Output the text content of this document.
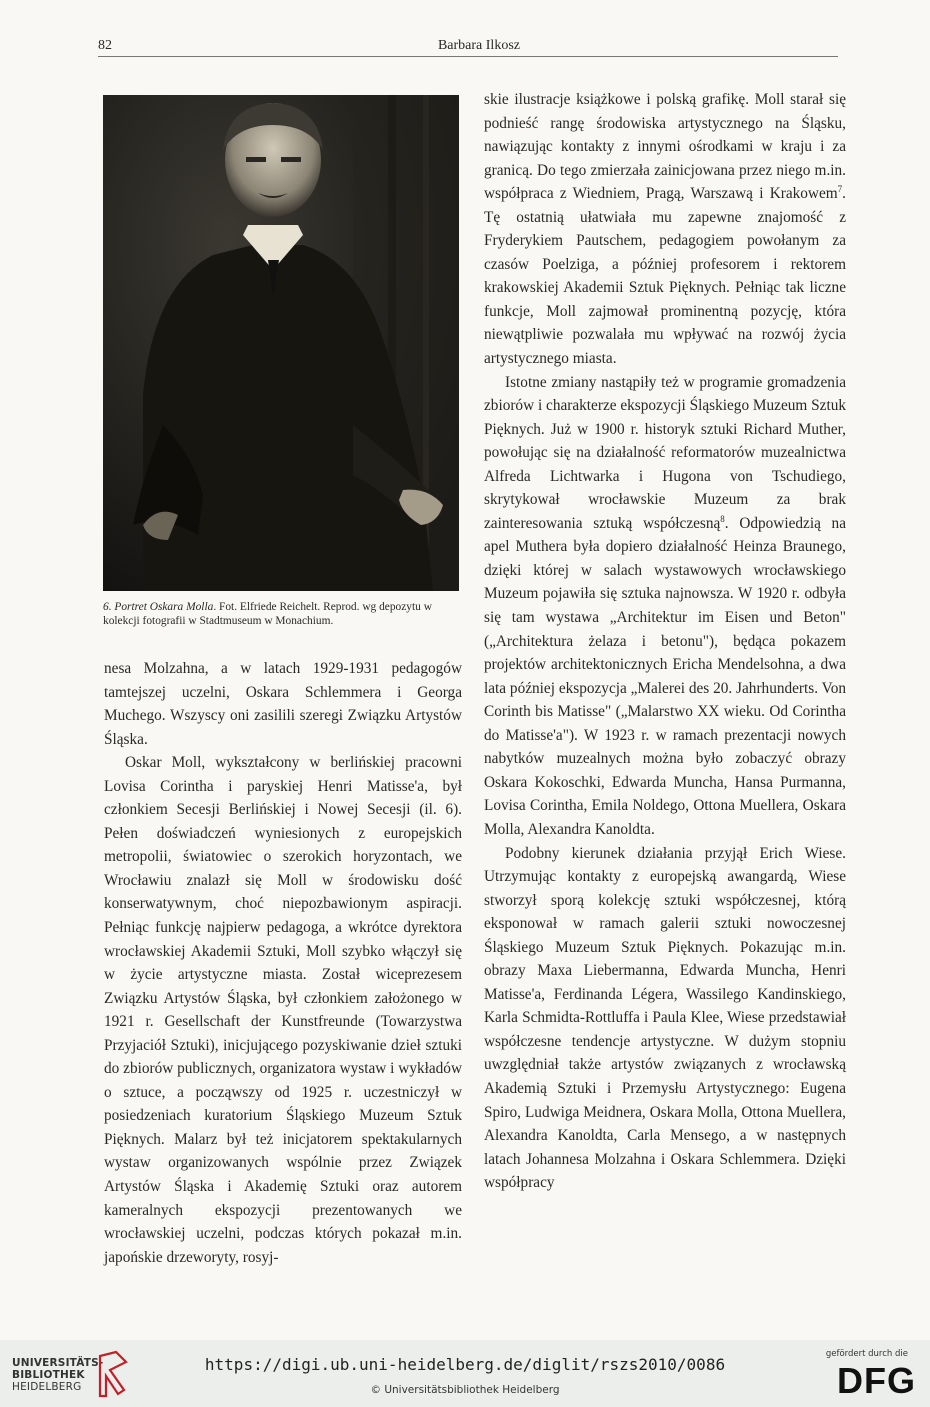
82	Barbara Ilkosz
6. Portret Oskara Molla. Fot. Elfriede Reichelt. Reprod. wg depozytu w kolekcji fotografii w Stadtmuseum w Monachium.

nesa Molzahna, a w latach 1929-1931 pedagogów tamtejszej uczelni, Oskara Schlemmera i Georga Muchego. Wszyscy oni zasilili szeregi Związku Artystów Śląska.

Oskar Moll, wykształcony w berlińskiej pracowni Lovisa Corintha i paryskiej Henri Matisse'a, był członkiem Secesji Berlińskiej i Nowej Secesji (il. 6). Pełen doświadczeń wyniesionych z europejskich metropolii, światowiec o szerokich horyzontach, we Wrocławiu znalazł się Moll w środowisku dość konserwatywnym, choć niepozbawionym aspiracji. Pełniąc funkcję najpierw pedagoga, a wkrótce dyrektora wrocławskiej Akademii Sztuki, Moll szybko włączył się w życie artystyczne miasta. Został wiceprezesem Związku Artystów Śląska, był członkiem założonego w 1921 r. Gesellschaft der Kunstfreunde (Towarzystwa Przyjaciół Sztuki), inicjującego pozyskiwanie dzieł sztuki do zbiorów publicznych, organizatora wystaw i wykładów o sztuce, a począwszy od 1925 r. uczestniczył w posiedzeniach kuratorium Śląskiego Muzeum Sztuk Pięknych. Malarz był też inicjatorem spektakularnych wystaw organizowanych wspólnie przez Związek Artystów Śląska i Akademię Sztuki oraz autorem kameralnych ekspozycji prezentowanych we wrocławskiej uczelni, podczas których pokazał m.in. japońskie drzeworyty, rosyj-

skie ilustracje książkowe i polską grafikę. Moll starał się podnieść rangę środowiska artystycznego na Śląsku, nawiązując kontakty z innymi ośrodkami w kraju i za granicą. Do tego zmierzała zainicjowana przez niego m.in. współpraca z Wiedniem, Pragą, Warszawą i Krakowem$^7$. Tę ostatnią ułatwiała mu zapewne znajomość z Fryderykiem Pautschem, pedagogiem powołanym za czasów Poelziga, a później profesorem i rektorem krakowskiej Akademii Sztuk Pięknych. Pełniąc tak liczne funkcje, Moll zajmował prominentną pozycję, która niewątpliwie pozwalała mu wpływać na rozwój życia artystycznego miasta.

Istotne zmiany nastąpiły też w programie gromadzenia zbiorów i charakterze ekspozycji Śląskiego Muzeum Sztuk Pięknych. Już w 1900 r. historyk sztuki Richard Muther, powołując się na działalność reformatorów muzealnictwa Alfreda Lichtwarka i Hugona von Tschudiego, skrytykował wrocławskie Muzeum za brak zainteresowania sztuką współczesną$^8$. Odpowiedzią na apel Muthera była dopiero działalność Heinza Braunego, dzięki której w salach wystawowych wrocławskiego Muzeum pojawiła się sztuka najnowsza. W 1920 r. odbyła się tam wystawa „Architektur im Eisen und Beton" („Architektura żelaza i betonu"), będąca pokazem projektów architektonicznych Ericha Mendelsohna, a dwa lata później ekspozycja „Malerei des 20. Jahrhunderts. Von Corinth bis Matisse" („Malarstwo XX wieku. Od Corintha do Matisse'a"). W 1923 r. w ramach prezentacji nowych nabytków muzealnych można było zobaczyć obrazy Oskara Kokoschki, Edwarda Muncha, Hansa Purmanna, Lovisa Corintha, Emila Noldego, Ottona Muellera, Oskara Molla, Alexandra Kanoldta.

Podobny kierunek działania przyjął Erich Wiese. Utrzymując kontakty z europejską awangardą, Wiese stworzył sporą kolekcję sztuki współczesnej, którą eksponował w ramach galerii sztuki nowoczesnej Śląskiego Muzeum Sztuk Pięknych. Pokazując m.in. obrazy Maxa Liebermanna, Edwarda Muncha, Henri Matisse'a, Ferdinanda Légera, Wassilego Kandinskiego, Karla Schmidta-Rottluffa i Paula Klee, Wiese przedstawiał współczesne tendencje artystyczne. W dużym stopniu uwzględniał także artystów związanych z wrocławską Akademią Sztuki i Przemysłu Artystycznego: Eugena Spiro, Ludwiga Meidnera, Oskara Molla, Ottona Muellera, Alexandra Kanoldta, Carla Mensego, a w następnych latach Johannesa Molzahna i Oskara Schlemmera. Dzięki współpracy

UNIVERSITÄTS-
BIBLIOTHEK
HEIDELBERG
https://digi.ub.uni-heidelberg.de/diglit/rszs2010/0086
© Universitätsbibliothek Heidelberg
gefördert durch die
DFG
